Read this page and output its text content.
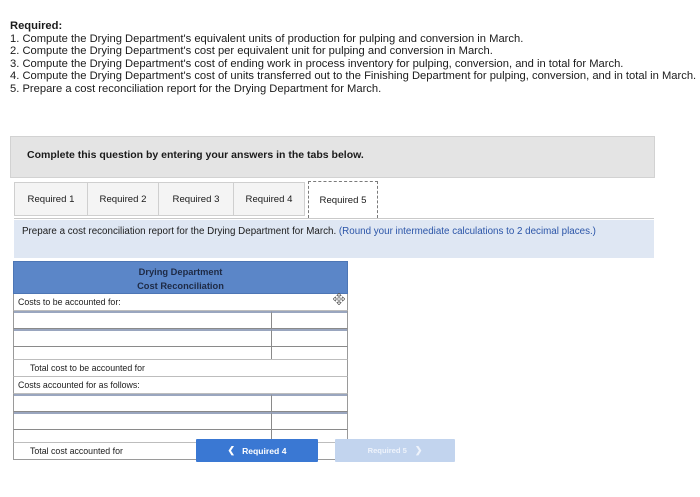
Required:
1. Compute the Drying Department's equivalent units of production for pulping and conversion in March.
2. Compute the Drying Department's cost per equivalent unit for pulping and conversion in March.
3. Compute the Drying Department's cost of ending work in process inventory for pulping, conversion, and in total for March.
4. Compute the Drying Department's cost of units transferred out to the Finishing Department for pulping, conversion, and in total in March.
5. Prepare a cost reconciliation report for the Drying Department for March.
Complete this question by entering your answers in the tabs below.
Required 1	Required 2	Required 3	Required 4	Required 5
Prepare a cost reconciliation report for the Drying Department for March. (Round your intermediate calculations to 2 decimal places.)
Drying Department
Cost Reconciliation
Costs to be accounted for:
Total cost to be accounted for
Costs accounted for as follows:
Total cost accounted for	❮ Required 4	Required 5 ❯
